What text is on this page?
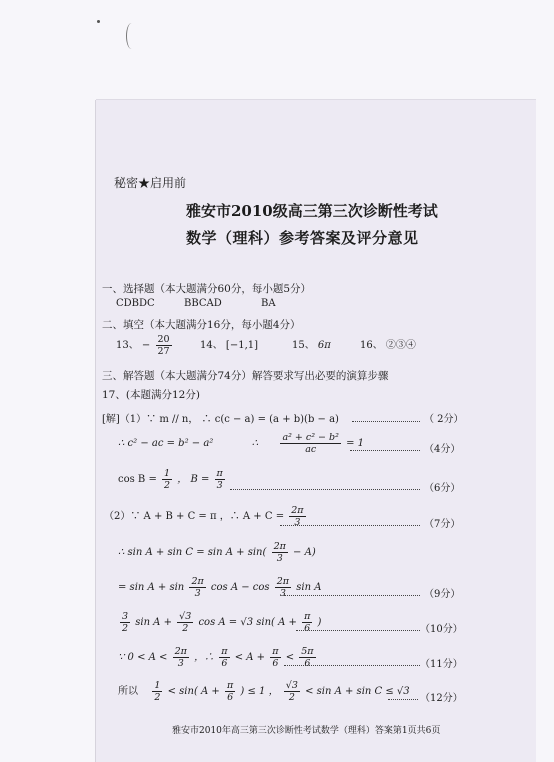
秘密★启用前
雅安市2010级高三第三次诊断性考试
数学（理科）参考答案及评分意见
一、选择题（本大题满分60分，每小题5分）
CDBDC	BBCAD	BA
二、填空（本大题满分16分，每小题4分）
13、 − $\frac{20}{27}$	14、 [−1,1]	15、 6π	16、 ②③④
三、解答题（本大题满分74分）解答要求写出必要的演算步骤
17、(本题满分12分)
[解]（1）∵ m // n， ∴ c(c − a) = (a + b)(b − a)	（ 2分）
∴ c² − ac = b² − a²	∴ $\frac{\text{a² + c² − b²}}{ac} = 1$
（4分）
$\cos B = \frac{1}{2}$ ， $B = \frac{\pi}{3}$	（6分）
（2）∵ A + B + C = π ，∴ $A + C = \frac{2\pi}{3}$	（7分）
∴ $\sin A + \sin C = \sin A + \sin( \frac{2\pi}{3} - A)$
= $\sin A + \sin \frac{2\pi}{3}$ $\cos A - \cos \frac{2\pi}{3}$ sin A
（9分）
$\frac{3}{2}$ $\sin A + \frac{√3}{2}$ cos A = √3 sin( $A + \frac{\pi}{6}$ )
（10分）
∵ $0 < A < \frac{2\pi}{3}$ ，∴ $\frac{\pi}{6} < A + \frac{\pi}{6} < \frac{5\pi}{6}$	（11分）
所以 $\frac{1}{2} < \sin$( $A + \frac{\pi}{6}$ ) ≤ 1 ， $\frac{√3}{2} < \sin A + \sin C \le √3$
（12分）
雅安市2010年高三第三次诊断性考试数学（理科）答案第1页共6页
